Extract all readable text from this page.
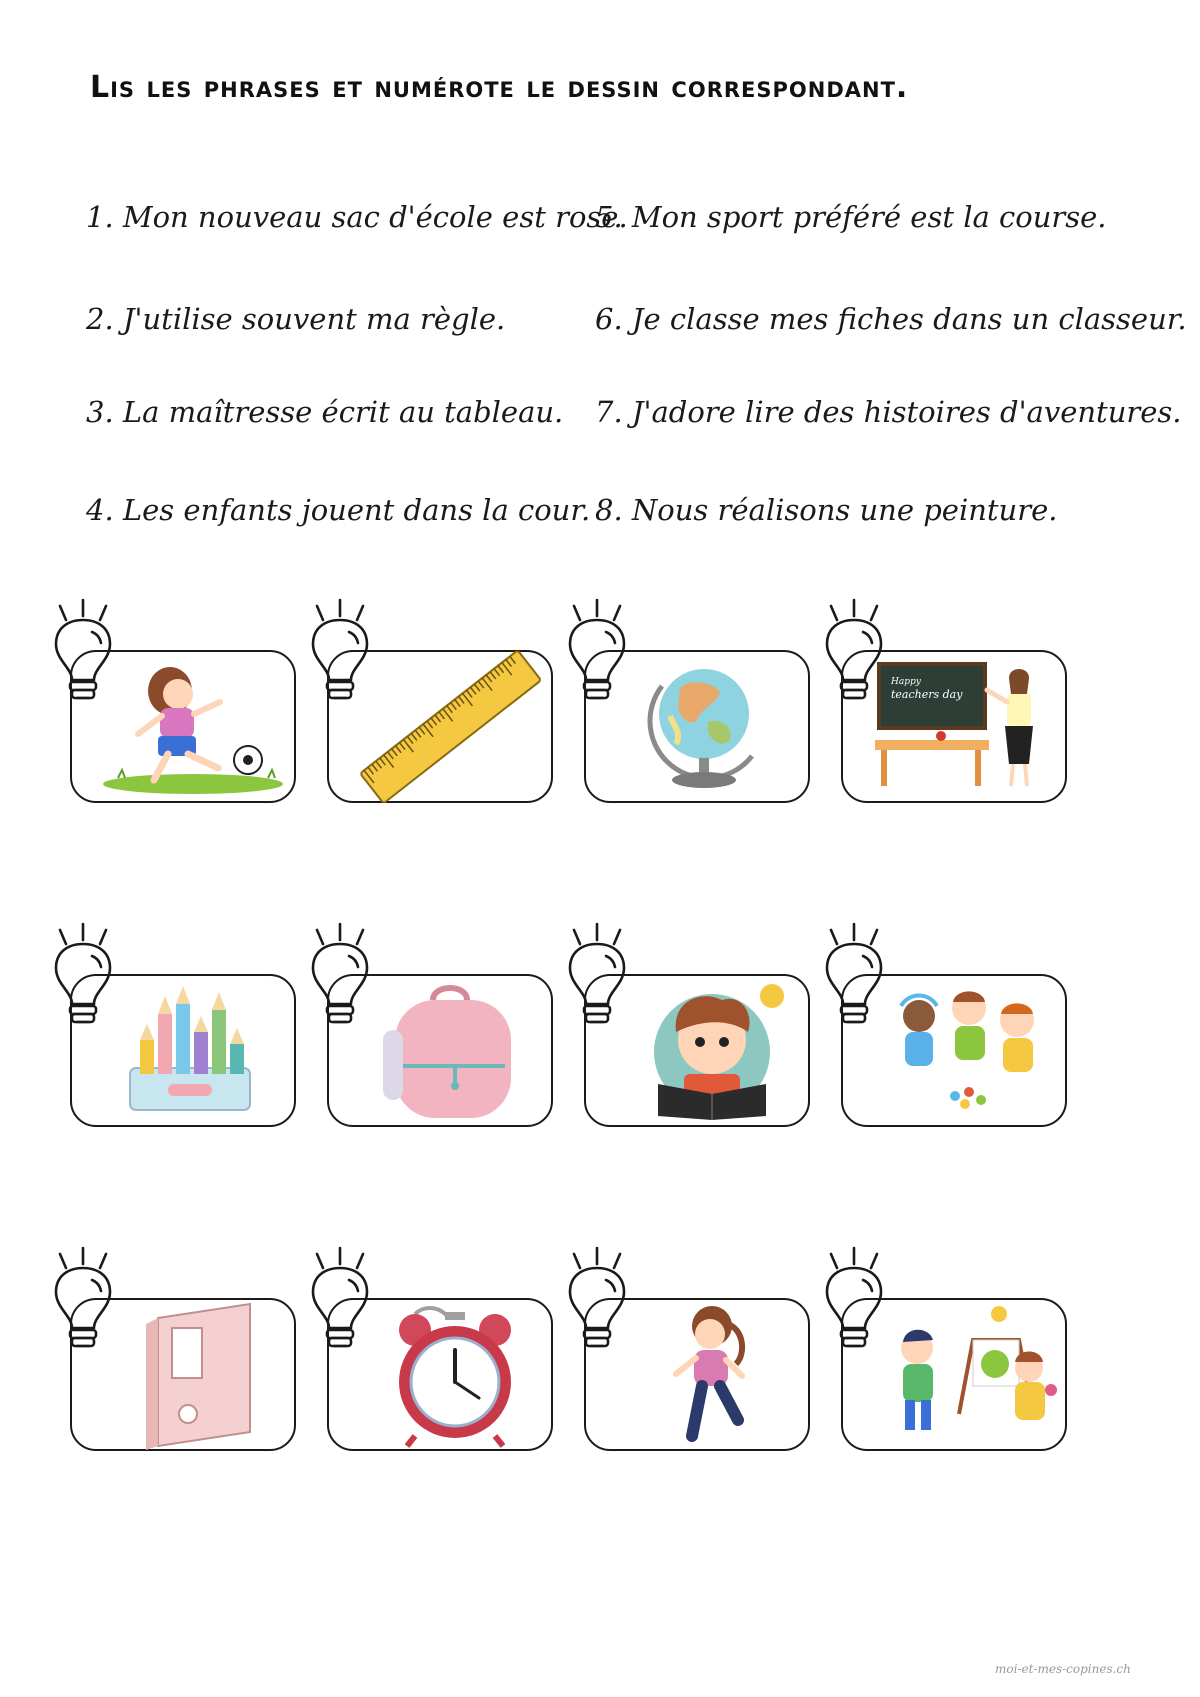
Lis les phrases et numérote le dessin correspondant.
1. Mon nouveau sac d'école est rose.
2. J'utilise souvent ma règle.
3. La maîtresse écrit au tableau.
4. Les enfants jouent dans la cour.
5. Mon sport préféré est la course.
6. Je classe mes fiches dans un classeur.
7. J'adore lire des histoires d'aventures.
8. Nous réalisons une peinture.
Happy
teachers day
moi-et-mes-copines.ch
